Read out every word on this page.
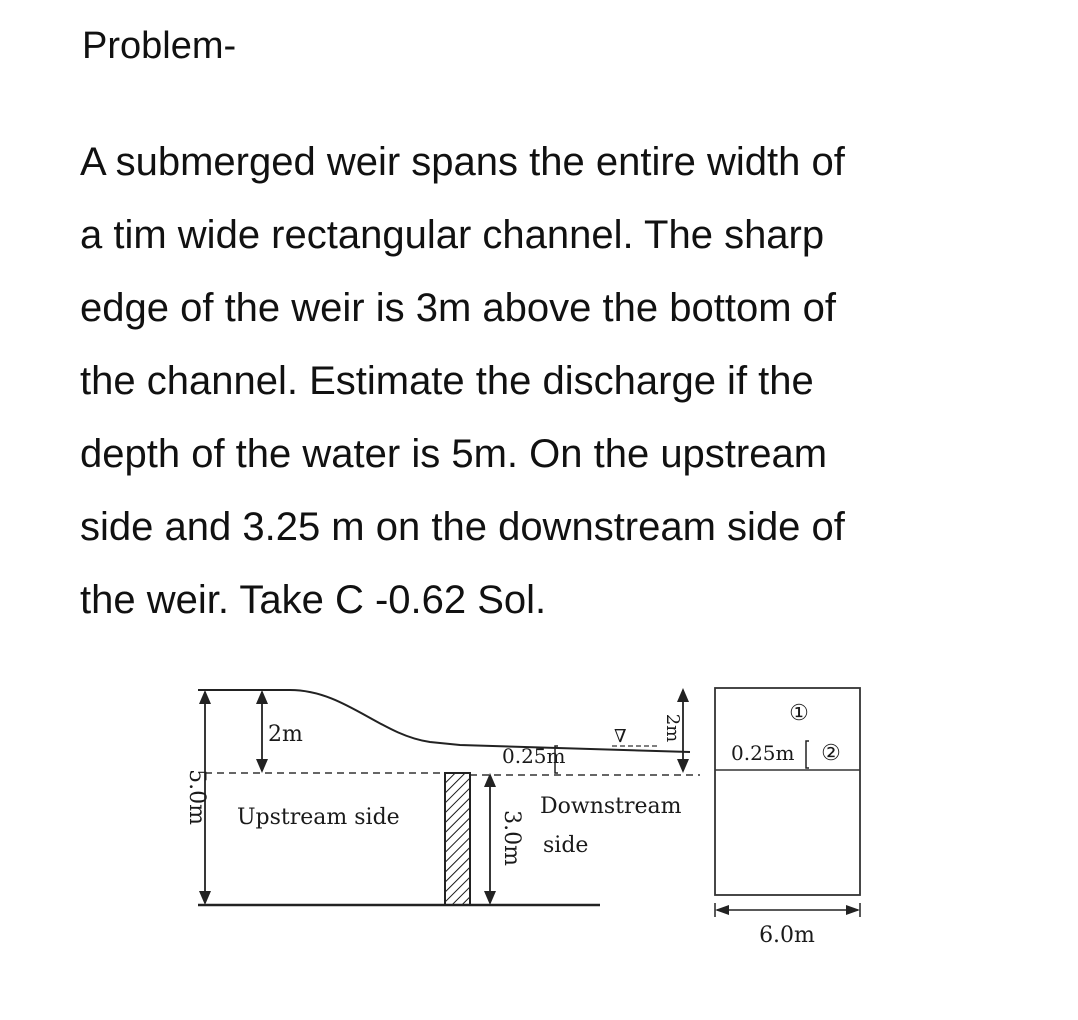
Problem-
A submerged weir spans the entire width of
a tim wide rectangular channel. The sharp
edge of the weir is 3m above the bottom of
the channel. Estimate the discharge if the
depth of the water is 5m. On the upstream
side and 3.25 m on the downstream side of
the weir. Take C -0.62 Sol.
5.0m
2m
Upstream side
0.25m
∇ 2m
3.0m
Downstream
side
①
0.25m ②
6.0m
